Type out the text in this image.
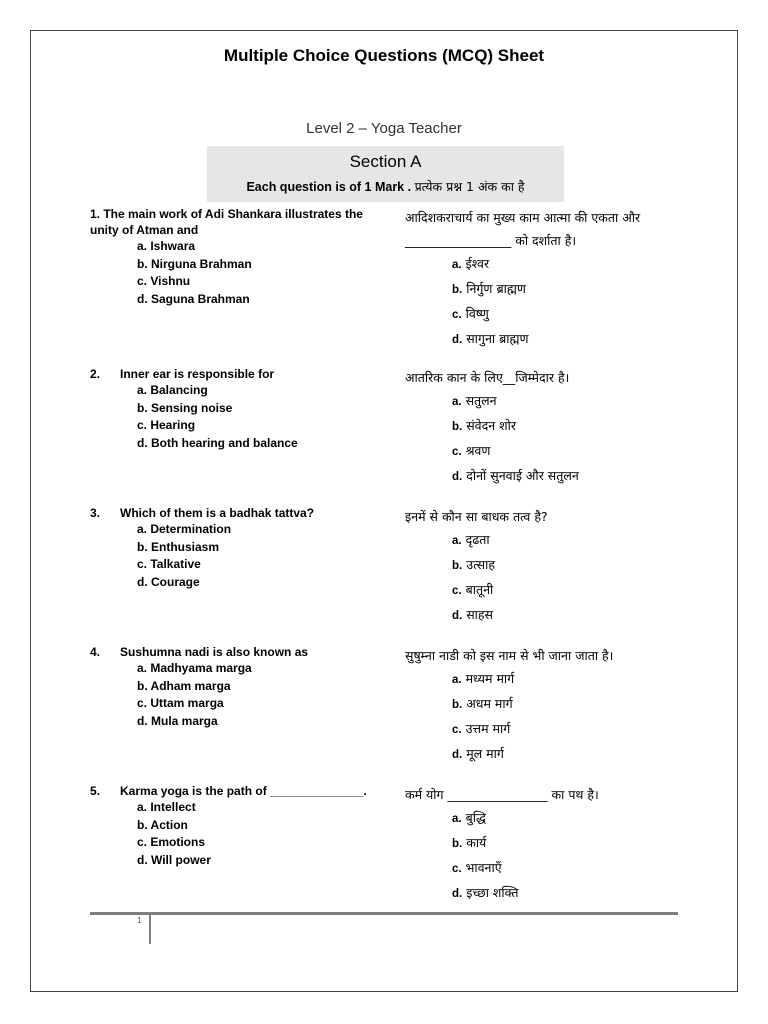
Multiple Choice Questions (MCQ) Sheet
Level 2 – Yoga Teacher
Section A
Each question is of 1 Mark . प्रत्येक प्रश्न 1 अंक का है
1. The main work of Adi Shankara illustrates the unity of Atman and
a. Ishwara
b. Nirguna Brahman
c. Vishnu
d. Saguna Brahman
आदिशकराचार्य का मुख्य काम आत्मा की एकता और _________________ को दर्शाता है।
a. ईश्वर
b. निर्गुण ब्राह्मण
c. विष्णु
d. सागुना ब्राह्मण
2. Inner ear is responsible for
a. Balancing
b. Sensing noise
c. Hearing
d. Both hearing and balance
आतरिक कान के लिए__जिम्मेदार है।
a. सतुलन
b. संवेदन शोर
c. श्रवण
d. दोनों सुनवाई और सतुलन
3. Which of them is a badhak tattva?
a. Determination
b. Enthusiasm
c. Talkative
d. Courage
इनमें से कौन सा बाधक तत्व है?
a. दृढता
b. उत्साह
c. बातूनी
d. साहस
4. Sushumna nadi is also known as
a. Madhyama marga
b. Adham marga
c. Uttam marga
d. Mula marga
सुषुम्ना नाडी को इस नाम से भी जाना जाता है।
a. मध्यम मार्ग
b. अधम मार्ग
c. उत्तम मार्ग
d. मूल मार्ग
5. Karma yoga is the path of ______________.
a. Intellect
b. Action
c. Emotions
d. Will power
कर्म योग ________________ का पथ है।
a. बुद्धि
b. कार्य
c. भावनाएँ
d. इच्छा शक्ति
1
